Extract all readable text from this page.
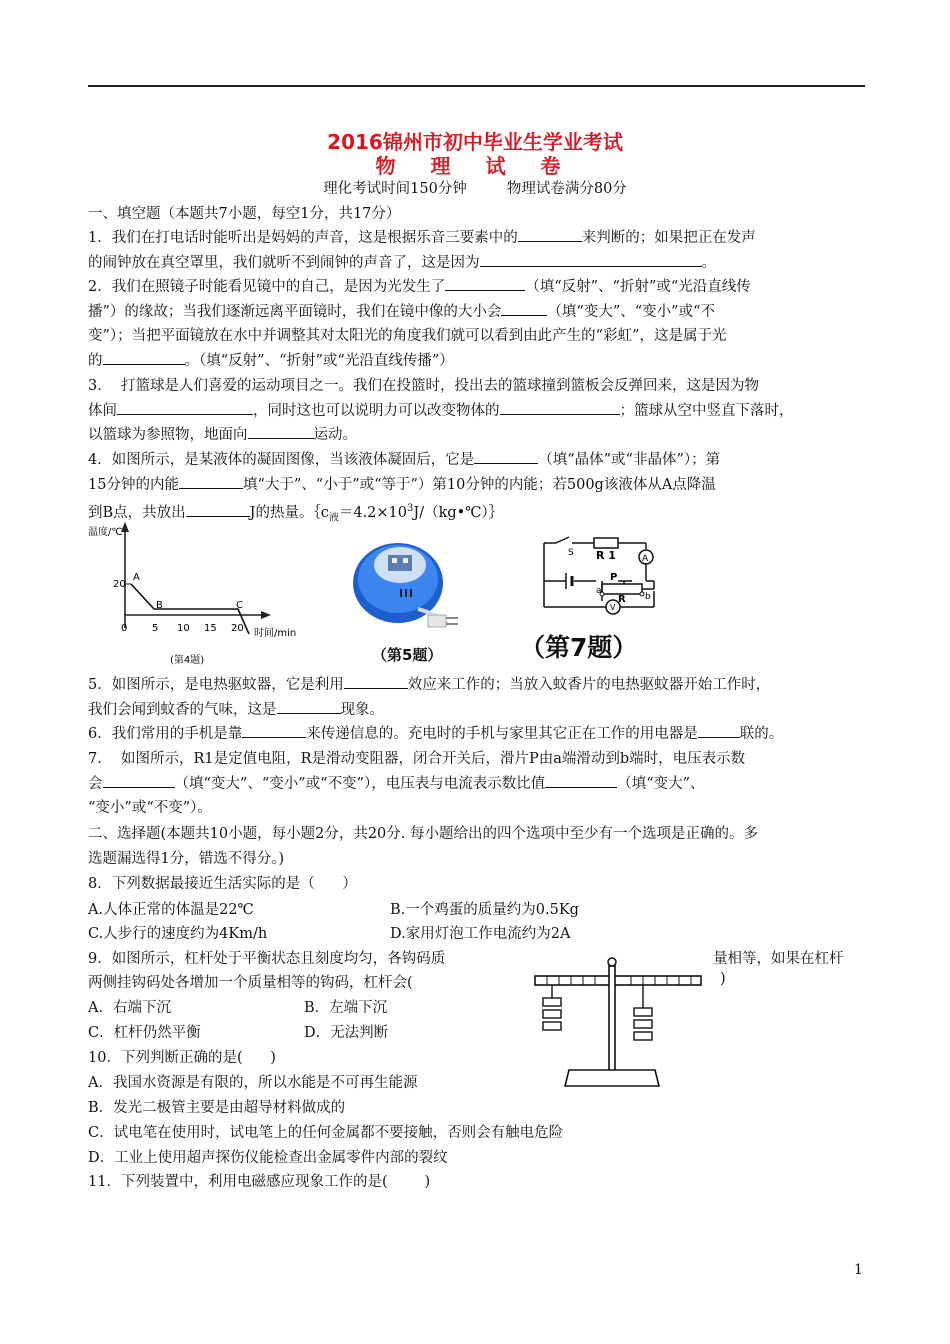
2016锦州市初中毕业生学业考试
物 理 试 卷
理化考试时间150分钟	物理试卷满分80分
一、填空题（本题共7小题，每空1分，共17分）
1．我们在打电话时能听出是妈妈的声音，这是根据乐音三要素中的	来判断的；如果把正在发声
的闹钟放在真空罩里，我们就听不到闹钟的声音了，这是因为	。
2．我们在照镜子时能看见镜中的自己，是因为光发生了	（填“反射”、“折射”或“光沿直线传
播”）的缘故；当我们逐渐远离平面镜时，我们在镜中像的大小会	（填“变大”、“变小”或“不
变”）；当把平面镜放在水中并调整其对太阳光的角度我们就可以看到由此产生的“彩虹”，这是属于光
的	。（填“反射”、“折射”或“光沿直线传播”）
3．  打篮球是人们喜爱的运动项目之一。我们在投篮时，投出去的篮球撞到篮板会反弹回来，这是因为物
体间	，同时这也可以说明力可以改变物体的	；篮球从空中竖直下落时，
以篮球为参照物，地面向	运动。
4．如图所示，是某液体的凝固图像，当该液体凝固后，它是	（填“晶体”或“非晶体”）；第
15分钟的内能	填“大于”、“小于”或“等于”）第10分钟的内能；若500g该液体从A点降温
到B点，共放出	J的热量。$\{c_液=4.2\times 10^3J/(kg•℃)\}$
温度/℃
20
A
B	C
0 5 10 15 20 时间/min
(第4题)	（第5题）
S R 1	A
V
P
a
b
R
（第7题）
5．如图所示，是电热驱蚊器，它是利用	效应来工作的；当放入蚊香片的电热驱蚊器开始工作时，
我们会闻到蚊香的气味，这是	现象。
6．我们常用的手机是靠	来传递信息的。充电时的手机与家里其它正在工作的用电器是	联的。
7．  如图所示，R1是定值电阻，R是滑动变阻器，闭合开关后，滑片P由a端滑动到b端时，电压表示数
会	（填“变大”、“变小”或“不变”），电压表与电流表示数比值	（填“变大”、
“变小”或“不变”）。
二、选择题(本题共10小题，每小题2分，共20分. 每小题给出的四个选项中至少有一个选项是正确的。多
选题漏选得1分，错选不得分。)
8．下列数据最接近生活实际的是（      ）
A.人体正常的体温是22℃	B.一个鸡蛋的质量约为0.5Kg
C.人步行的速度约为4Km/h	D.家用灯泡工作电流约为2A
9．如图所示，杠杆处于平衡状态且刻度均匀，各钩码质	量相等，如果在杠杆
两侧挂钩码处各增加一个质量相等的钩码，杠杆会(	)
A．右端下沉	B．左端下沉
C．杠杆仍然平衡	D．无法判断
10．下列判断正确的是(      )
A．我国水资源是有限的，所以水能是不可再生能源
B．发光二极管主要是由超导材料做成的
C．试电笔在使用时，试电笔上的任何金属都不要接触，否则会有触电危险
D．工业上使用超声探伤仪能检查出金属零件内部的裂纹
11．下列装置中，利用电磁感应现象工作的是(        )
1
